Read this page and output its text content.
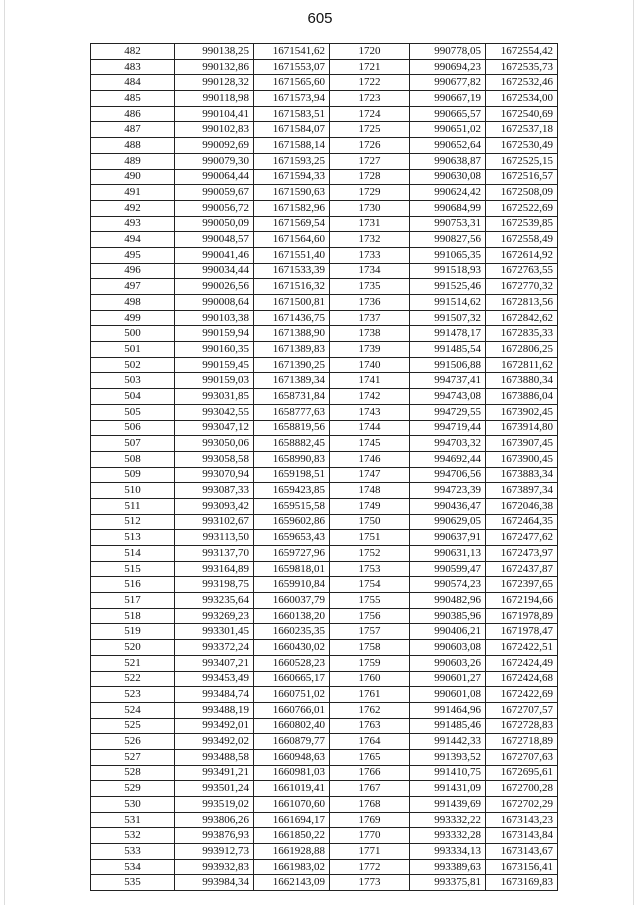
605
482	990138,25	1671541,62	1720	990778,05	1672554,42
483	990132,86	1671553,07	1721	990694,23	1672535,73
484	990128,32	1671565,60	1722	990677,82	1672532,46
485	990118,98	1671573,94	1723	990667,19	1672534,00
486	990104,41	1671583,51	1724	990665,57	1672540,69
487	990102,83	1671584,07	1725	990651,02	1672537,18
488	990092,69	1671588,14	1726	990652,64	1672530,49
489	990079,30	1671593,25	1727	990638,87	1672525,15
490	990064,44	1671594,33	1728	990630,08	1672516,57
491	990059,67	1671590,63	1729	990624,42	1672508,09
492	990056,72	1671582,96	1730	990684,99	1672522,69
493	990050,09	1671569,54	1731	990753,31	1672539,85
494	990048,57	1671564,60	1732	990827,56	1672558,49
495	990041,46	1671551,40	1733	991065,35	1672614,92
496	990034,44	1671533,39	1734	991518,93	1672763,55
497	990026,56	1671516,32	1735	991525,46	1672770,32
498	990008,64	1671500,81	1736	991514,62	1672813,56
499	990103,38	1671436,75	1737	991507,32	1672842,62
500	990159,94	1671388,90	1738	991478,17	1672835,33
501	990160,35	1671389,83	1739	991485,54	1672806,25
502	990159,45	1671390,25	1740	991506,88	1672811,62
503	990159,03	1671389,34	1741	994737,41	1673880,34
504	993031,85	1658731,84	1742	994743,08	1673886,04
505	993042,55	1658777,63	1743	994729,55	1673902,45
506	993047,12	1658819,56	1744	994719,44	1673914,80
507	993050,06	1658882,45	1745	994703,32	1673907,45
508	993058,58	1658990,83	1746	994692,44	1673900,45
509	993070,94	1659198,51	1747	994706,56	1673883,34
510	993087,33	1659423,85	1748	994723,39	1673897,34
511	993093,42	1659515,58	1749	990436,47	1672046,38
512	993102,67	1659602,86	1750	990629,05	1672464,35
513	993113,50	1659653,43	1751	990637,91	1672477,62
514	993137,70	1659727,96	1752	990631,13	1672473,97
515	993164,89	1659818,01	1753	990599,47	1672437,87
516	993198,75	1659910,84	1754	990574,23	1672397,65
517	993235,64	1660037,79	1755	990482,96	1672194,66
518	993269,23	1660138,20	1756	990385,96	1671978,89
519	993301,45	1660235,35	1757	990406,21	1671978,47
520	993372,24	1660430,02	1758	990603,08	1672422,51
521	993407,21	1660528,23	1759	990603,26	1672424,49
522	993453,49	1660665,17	1760	990601,27	1672424,68
523	993484,74	1660751,02	1761	990601,08	1672422,69
524	993488,19	1660766,01	1762	991464,96	1672707,57
525	993492,01	1660802,40	1763	991485,46	1672728,83
526	993492,02	1660879,77	1764	991442,33	1672718,89
527	993488,58	1660948,63	1765	991393,52	1672707,63
528	993491,21	1660981,03	1766	991410,75	1672695,61
529	993501,24	1661019,41	1767	991431,09	1672700,28
530	993519,02	1661070,60	1768	991439,69	1672702,29
531	993806,26	1661694,17	1769	993332,22	1673143,23
532	993876,93	1661850,22	1770	993332,28	1673143,84
533	993912,73	1661928,88	1771	993334,13	1673143,67
534	993932,83	1661983,02	1772	993389,63	1673156,41
535	993984,34	1662143,09	1773	993375,81	1673169,83
